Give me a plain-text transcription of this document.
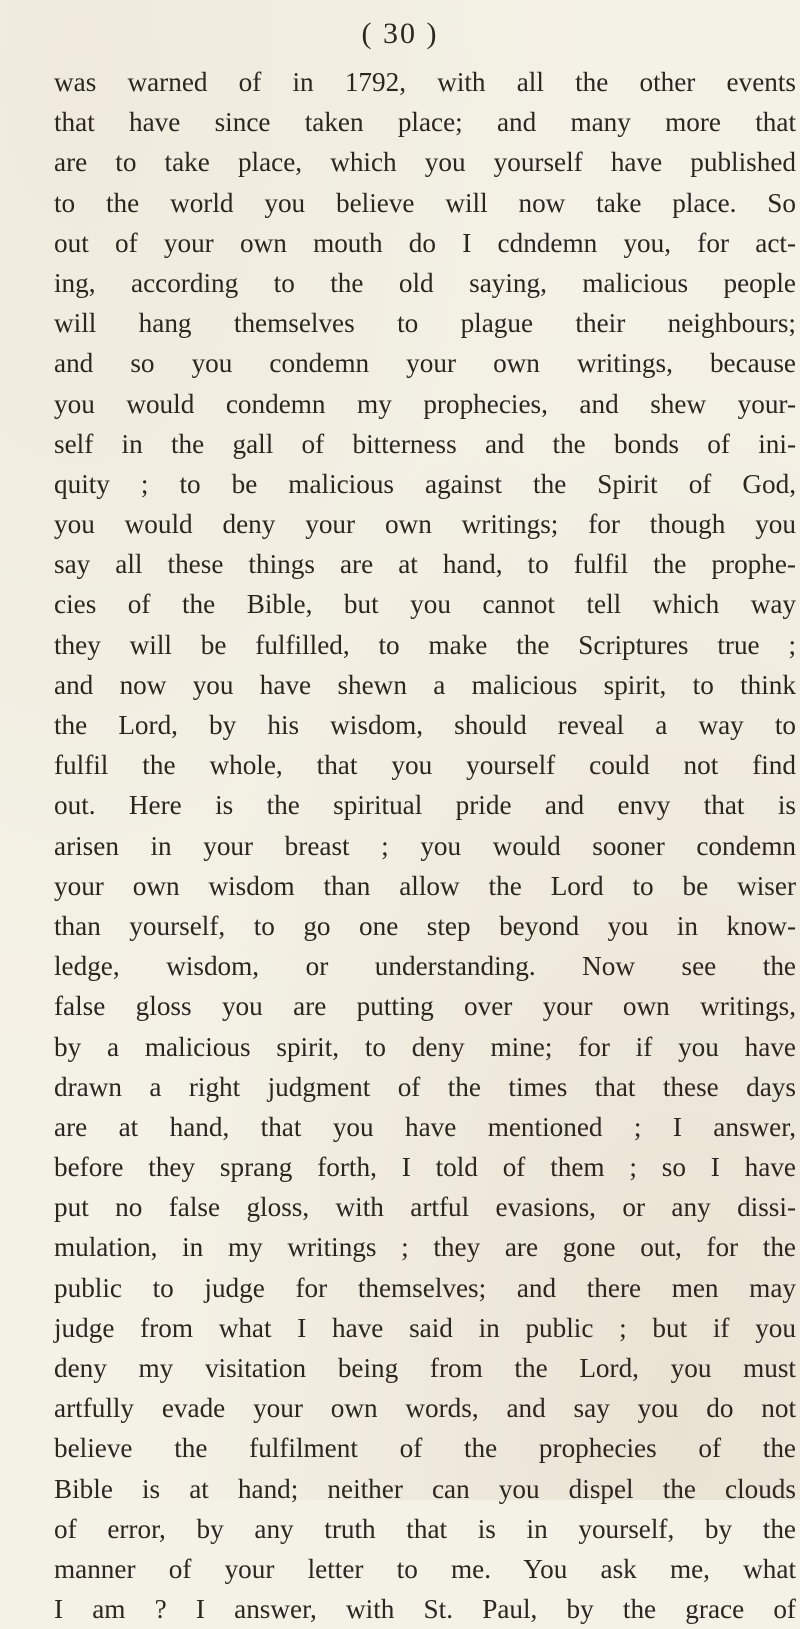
( 30 )
was warned of in 1792, with all the other events
that have since taken place; and many more that
are to take place, which you yourself have published
to the world you believe will now take place. So
out of your own mouth do I cdndemn you, for act-
ing, according to the old saying, malicious people
will hang themselves to plague their neighbours;
and so you condemn your own writings, because
you would condemn my prophecies, and shew your-
self in the gall of bitterness and the bonds of ini-
quity ; to be malicious against the Spirit of God,
you would deny your own writings; for though you
say all these things are at hand, to fulfil the prophe-
cies of the Bible, but you cannot tell which way
they will be fulfilled, to make the Scriptures true ;
and now you have shewn a malicious spirit, to think
the Lord, by his wisdom, should reveal a way to
fulfil the whole, that you yourself could not find
out. Here is the spiritual pride and envy that is
arisen in your breast ; you would sooner condemn
your own wisdom than allow the Lord to be wiser
than yourself, to go one step beyond you in know-
ledge, wisdom, or understanding. Now see the
false gloss you are putting over your own writings,
by a malicious spirit, to deny mine; for if you have
drawn a right judgment of the times that these days
are at hand, that you have mentioned ; I answer,
before they sprang forth, I told of them ; so I have
put no false gloss, with artful evasions, or any dissi-
mulation, in my writings ; they are gone out, for the
public to judge for themselves; and there men may
judge from what I have said in public ; but if you
deny my visitation being from the Lord, you must
artfully evade your own words, and say you do not
believe the fulfilment of the prophecies of the
Bible is at hand; neither can you dispel the clouds
of error, by any truth that is in yourself, by the
manner of your letter to me. You ask me, what
I am ? I answer, with St. Paul, by the grace of
